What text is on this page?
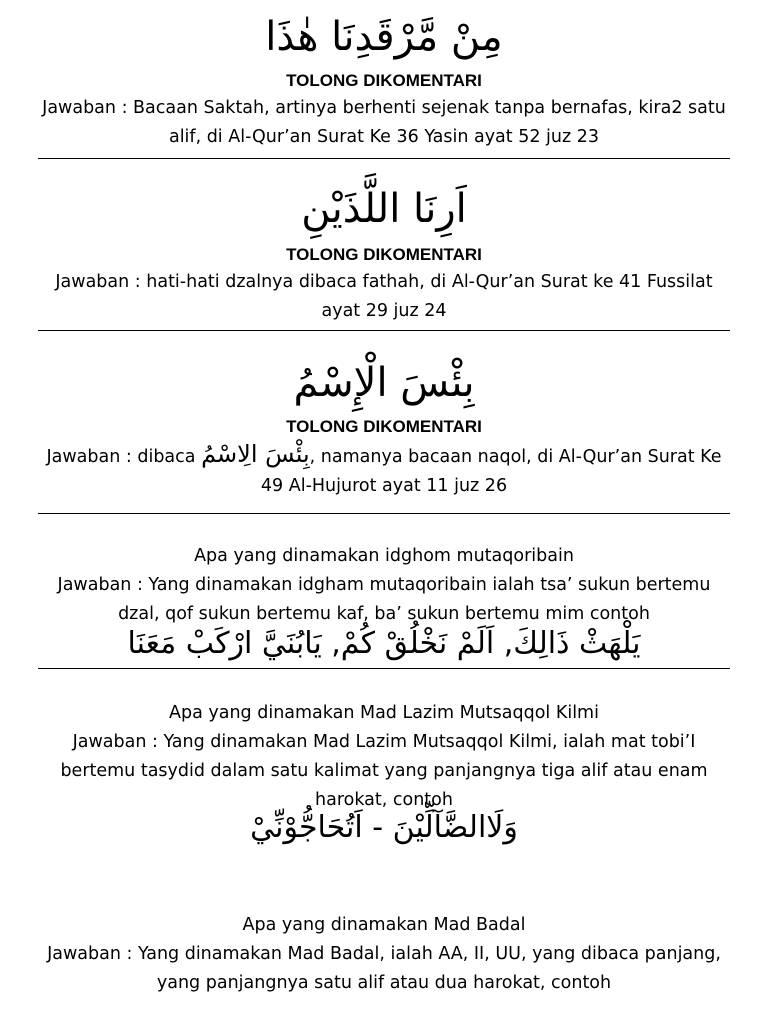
مِنْ مَّرْقَدِنَا هٰذَا
TOLONG DIKOMENTARI
Jawaban : Bacaan Saktah, artinya berhenti sejenak tanpa bernafas, kira2 satu alif, di Al-Qur’an Surat Ke 36 Yasin ayat 52 juz 23
اَرِنَا اللَّذَيْنِ
TOLONG DIKOMENTARI
Jawaban : hati-hati dzalnya dibaca fathah, di Al-Qur’an Surat ke 41 Fussilat ayat 29 juz 24
بِئْسَ الْإِسْمُ
TOLONG DIKOMENTARI
Jawaban : dibaca بِئْسَ الِاسْمُ, namanya bacaan naqol, di Al-Qur’an Surat Ke 49 Al-Hujurot ayat 11 juz 26
Apa yang dinamakan idghom mutaqoribain
Jawaban : Yang dinamakan idgham mutaqoribain ialah tsa’ sukun bertemu dzal, qof sukun bertemu kaf, ba’ sukun bertemu mim contoh
يَلْهَثْ ذَالِكَ, اَلَمْ نَخْلُقْ كُمْ, يَابُنَيَّ ارْكَبْ مَعَنَا
Apa yang dinamakan Mad Lazim Mutsaqqol Kilmi
Jawaban : Yang dinamakan Mad Lazim Mutsaqqol Kilmi, ialah mat tobi’I bertemu tasydid dalam satu kalimat yang panjangnya tiga alif atau enam harokat, contoh
وَلَاالضَّآلِّيْنَ - اَتُحَاجُّوْنِّيْ
Apa yang dinamakan Mad Badal
Jawaban : Yang dinamakan Mad Badal, ialah AA, II, UU, yang dibaca panjang, yang panjangnya satu alif atau dua harokat, contoh
